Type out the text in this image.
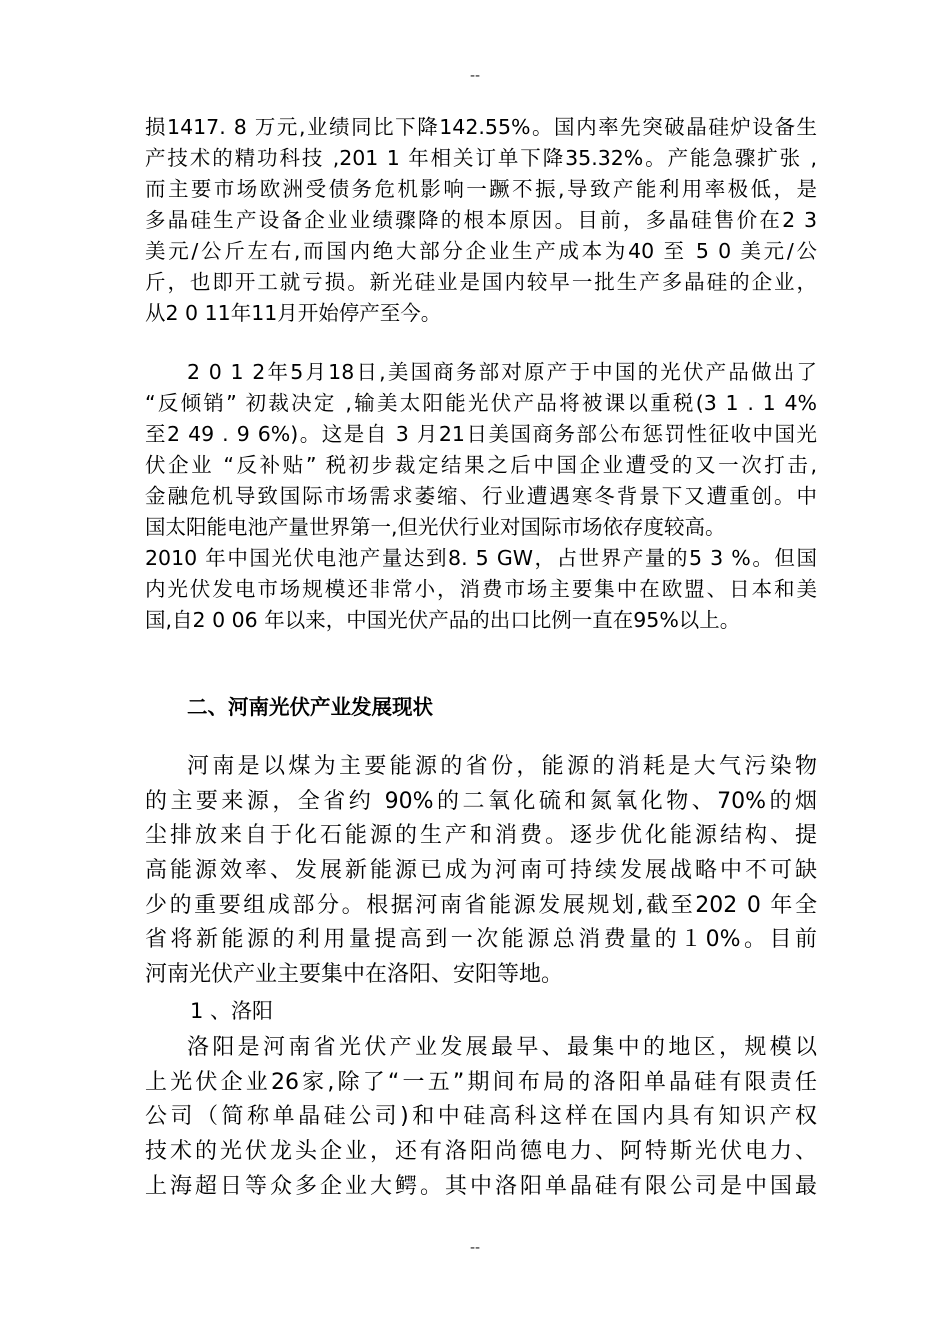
--
损1417. 8 万元,业绩同比下降142.55%。国内率先突破晶硅炉设备生
产技术的精功科技 ,201 1 年相关订单下降35.32%。产能急骤扩张 ,
而主要市场欧洲受债务危机影响一蹶不振,导致产能利用率极低，是
多晶硅生产设备企业业绩骤降的根本原因。目前，多晶硅售价在2 3
美元/公斤左右,而国内绝大部分企业生产成本为40 至 5 0 美元/公
斤，也即开工就亏损。新光硅业是国内较早一批生产多晶硅的企业，
从2 0 11年11月开始停产至今。
2 0 1 2年5月18日,美国商务部对原产于中国的光伏产品做出了
“反倾销” 初裁决定 ,输美太阳能光伏产品将被课以重税(3 1 . 1 4%
至2 49 . 9 6%)。这是自 3 月21日美国商务部公布惩罚性征收中国光
伏企业 “反补贴” 税初步裁定结果之后中国企业遭受的又一次打击,
金融危机导致国际市场需求萎缩、行业遭遇寒冬背景下又遭重创。中
国太阳能电池产量世界第一,但光伏行业对国际市场依存度较高。
2010 年中国光伏电池产量达到8. 5 GW，占世界产量的5 3 %。但国
内光伏发电市场规模还非常小，消费市场主要集中在欧盟、日本和美
国,自2 0 06 年以来，中国光伏产品的出口比例一直在95%以上。
二、河南光伏产业发展现状
河南是以煤为主要能源的省份，能源的消耗是大气污染物
的主要来源，全省约 90%的二氧化硫和氮氧化物、70%的烟
尘排放来自于化石能源的生产和消费。逐步优化能源结构、提
高能源效率、发展新能源已成为河南可持续发展战略中不可缺
少的重要组成部分。根据河南省能源发展规划,截至202 0 年全
省将新能源的利用量提高到一次能源总消费量的１0%。目前
河南光伏产业主要集中在洛阳、安阳等地。
1 、洛阳
洛阳是河南省光伏产业发展最早、最集中的地区，规模以
上光伏企业26家,除了“一五”期间布局的洛阳单晶硅有限责任
公司（简称单晶硅公司)和中硅高科这样在国内具有知识产权
技术的光伏龙头企业，还有洛阳尚德电力、阿特斯光伏电力、
上海超日等众多企业大鳄。其中洛阳单晶硅有限公司是中国最
--
